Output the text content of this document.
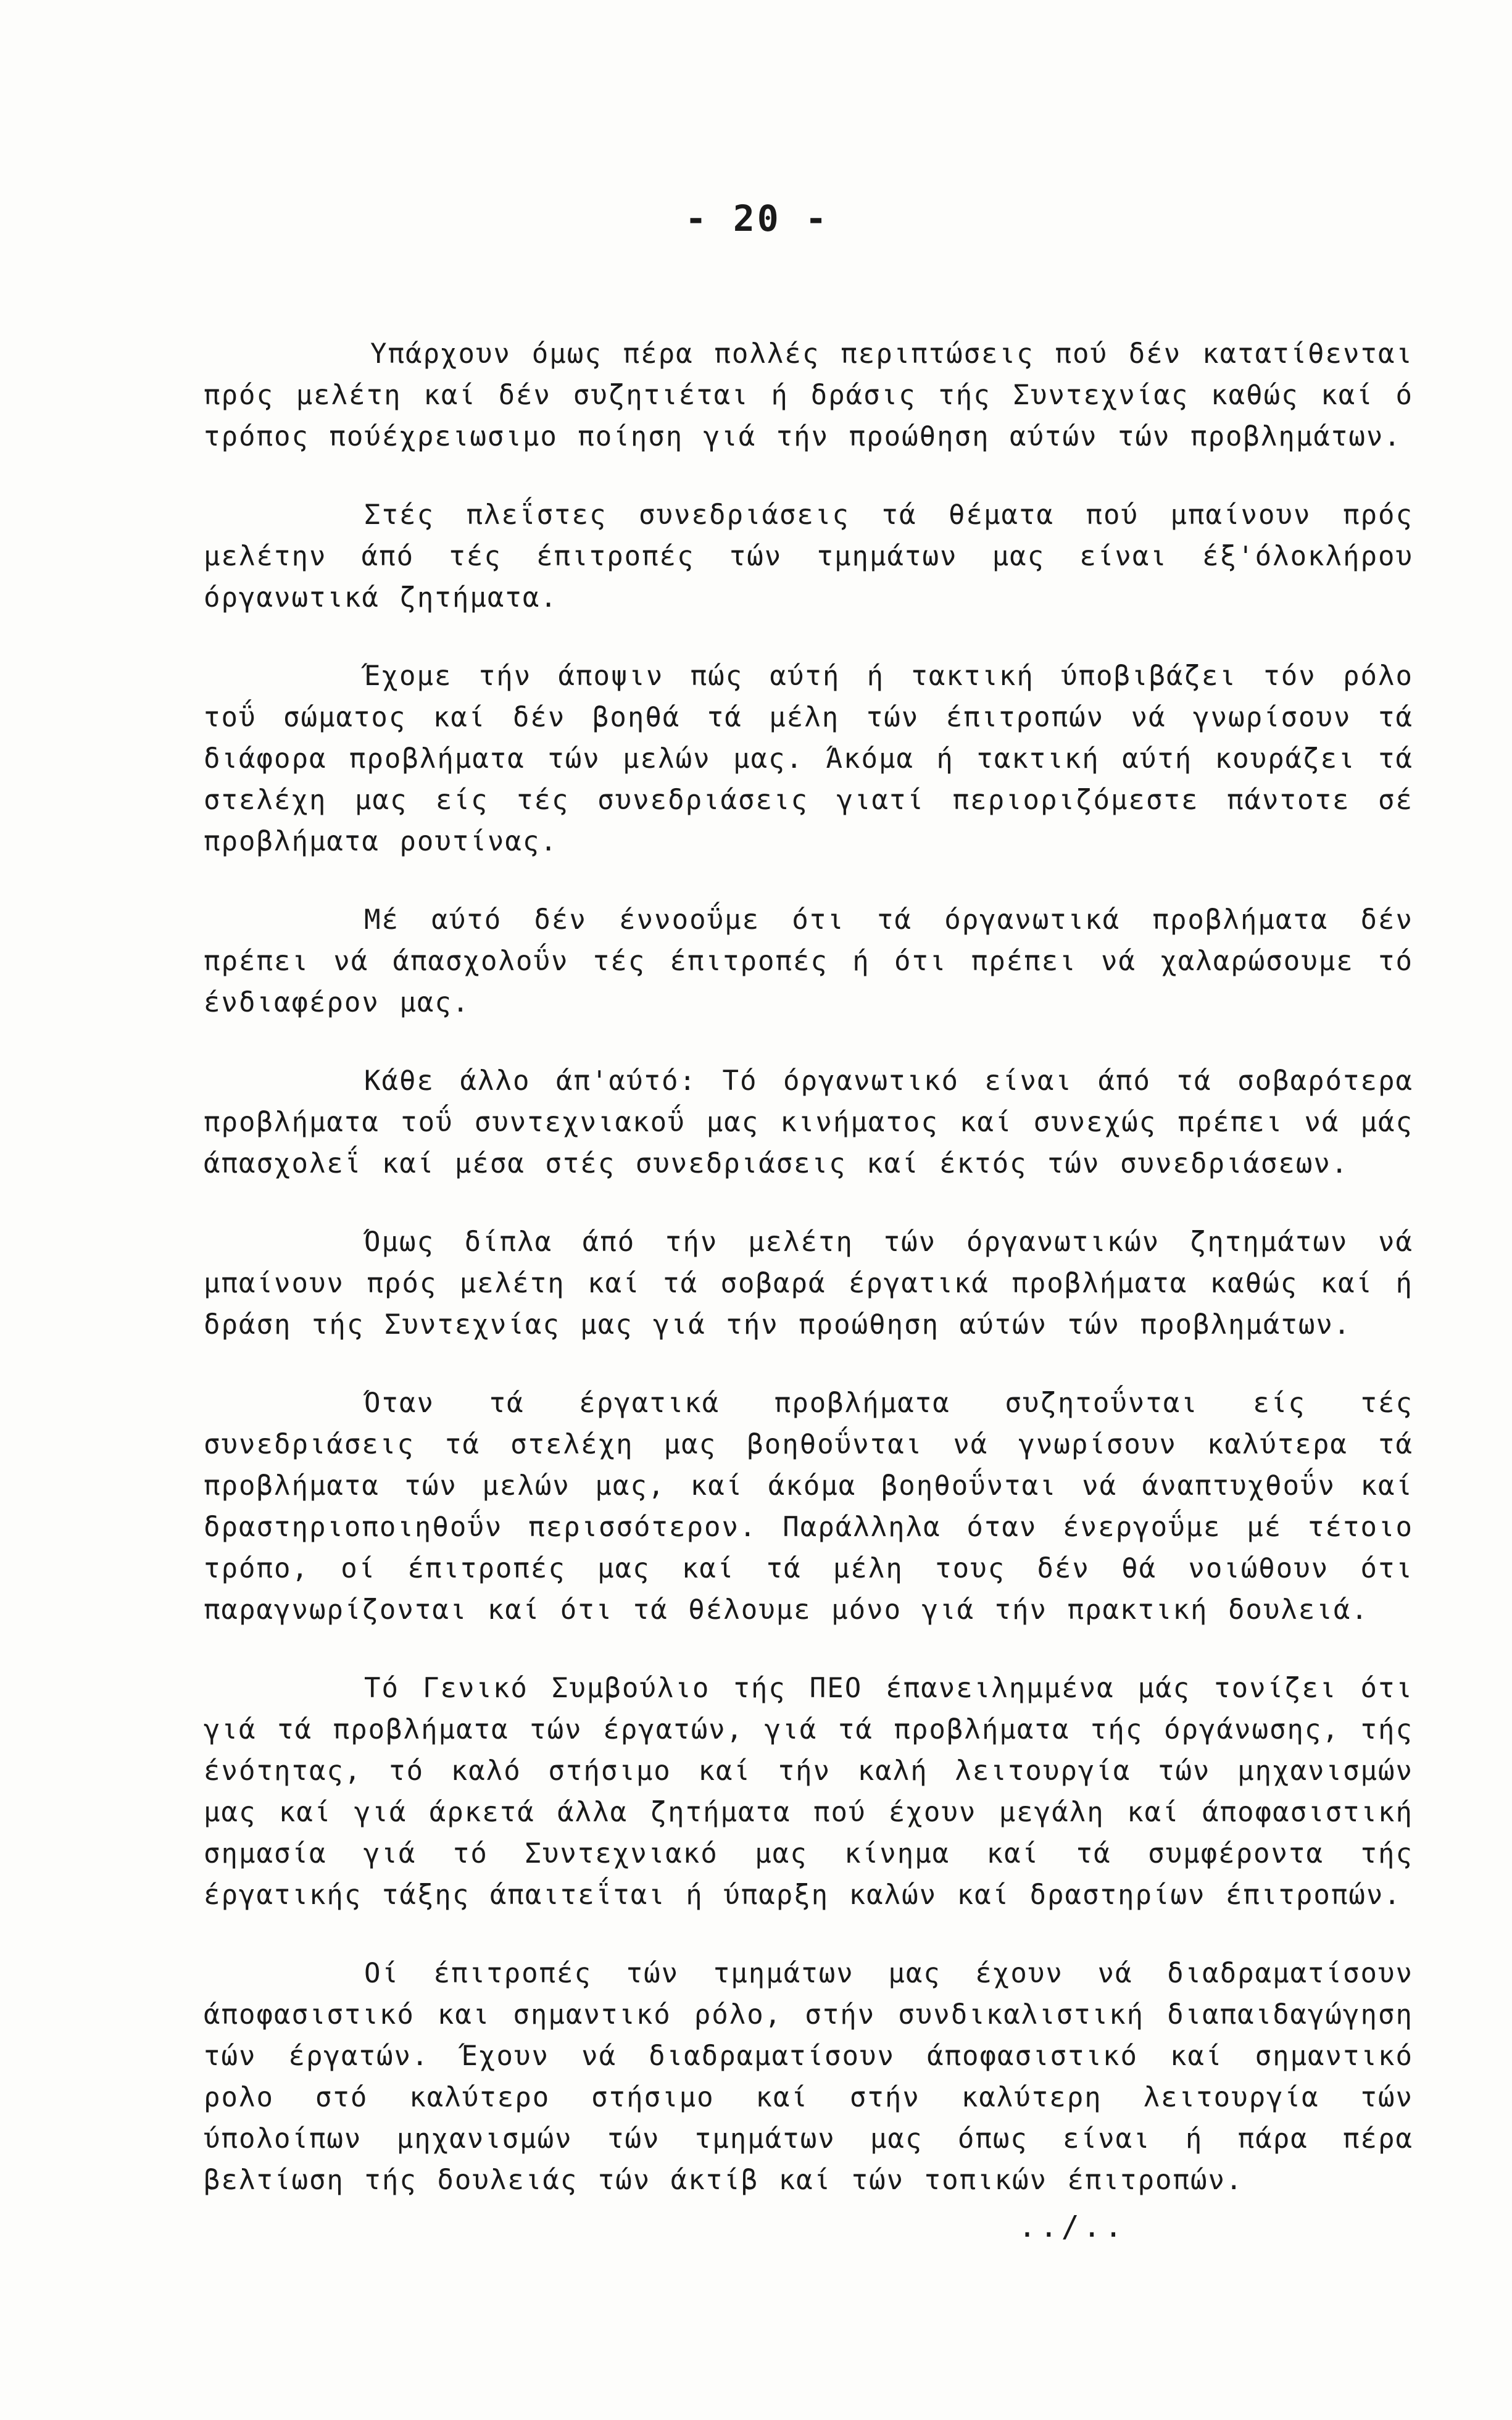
- 20 -

Υπάρχουν όμως πέρα πολλές περιπτώσεις πού δέν κατατίθενται πρός μελέτη καί δέν συζητιέται ή δράσις τής Συντεχνίας καθώς καί ό τρόπος πούέχρειωσιμο ποίηση γιά τήν προώθηση αύτών τών προβλημάτων.

Στές πλεΐστες συνεδριάσεις τά θέματα πού μπαίνουν πρός μελέτην άπό τές έπιτροπές τών τμημάτων μας είναι έξ'όλοκλήρου όργανωτικά ζητήματα.

Έχομε τήν άποψιν πώς αύτή ή τακτική ύποβιβάζει τόν ρόλο τοΰ σώματος καί δέν βοηθά τά μέλη τών έπιτροπών νά γνωρίσουν τά διάφορα προβλήματα τών μελών μας. Άκόμα ή τακτική αύτή κουράζει τά στελέχη μας είς τές συνεδριάσεις γιατί περιοριζόμεστε πάντοτε σέ προβλήματα ρουτίνας.

Μέ αύτό δέν έννοοΰμε ότι τά όργανωτικά προβλήματα δέν πρέπει νά άπασχολοΰν τές έπιτροπές ή ότι πρέπει νά χαλαρώσουμε τό ένδιαφέρον μας.

Κάθε άλλο άπ'αύτό: Τό όργανωτικό είναι άπό τά σοβαρότερα προβλήματα τοΰ συντεχνιακοΰ μας κινήματος καί συνεχώς πρέπει νά μάς άπασχολεΐ καί μέσα στές συνεδριάσεις καί έκτός τών συνεδριάσεων.

Όμως δίπλα άπό τήν μελέτη τών όργανωτικών ζητημάτων νά μπαίνουν πρός μελέτη καί τά σοβαρά έργατικά προβλήματα καθώς καί ή δράση τής Συντεχνίας μας γιά τήν προώθηση αύτών τών προβλημάτων.

Όταν τά έργατικά προβλήματα συζητοΰνται είς τές συνεδριάσεις τά στελέχη μας βοηθοΰνται νά γνωρίσουν καλύτερα τά προβλήματα τών μελών μας, καί άκόμα βοηθοΰνται νά άναπτυχθοΰν καί δραστηριοποιηθοΰν περισσότερον. Παράλληλα όταν ένεργοΰμε μέ τέτοιο τρόπο, οί έπιτροπές μας καί τά μέλη τους δέν θά νοιώθουν ότι παραγνωρίζονται καί ότι τά θέλουμε μόνο γιά τήν πρακτική δουλειά.

Τό Γενικό Συμβούλιο τής ΠΕΟ έπανειλημμένα μάς τονίζει ότι γιά τά προβλήματα τών έργατών, γιά τά προβλήματα τής όργάνωσης, τής ένότητας, τό καλό στήσιμο καί τήν καλή λειτουργία τών μηχανισμών μας καί γιά άρκετά άλλα ζητήματα πού έχουν μεγάλη καί άποφασιστική σημασία γιά τό Συντεχνιακό μας κίνημα καί τά συμφέροντα τής έργατικής τάξης άπαιτεΐται ή ύπαρξη καλών καί δραστηρίων έπιτροπών.

Οί έπιτροπές τών τμημάτων μας έχουν νά διαδραματίσουν άποφασιστικό και σημαντικό ρόλο, στήν συνδικαλιστική διαπαιδαγώγηση τών έργατών. Έχουν νά διαδραματίσουν άποφασιστικό καί σημαντικό ρολο στό καλύτερο στήσιμο καί στήν καλύτερη λειτουργία τών ύπολοίπων μηχανισμών τών τμημάτων μας όπως είναι ή πάρα πέρα βελτίωση τής δουλειάς τών άκτίβ καί τών τοπικών έπιτροπών.

../..
